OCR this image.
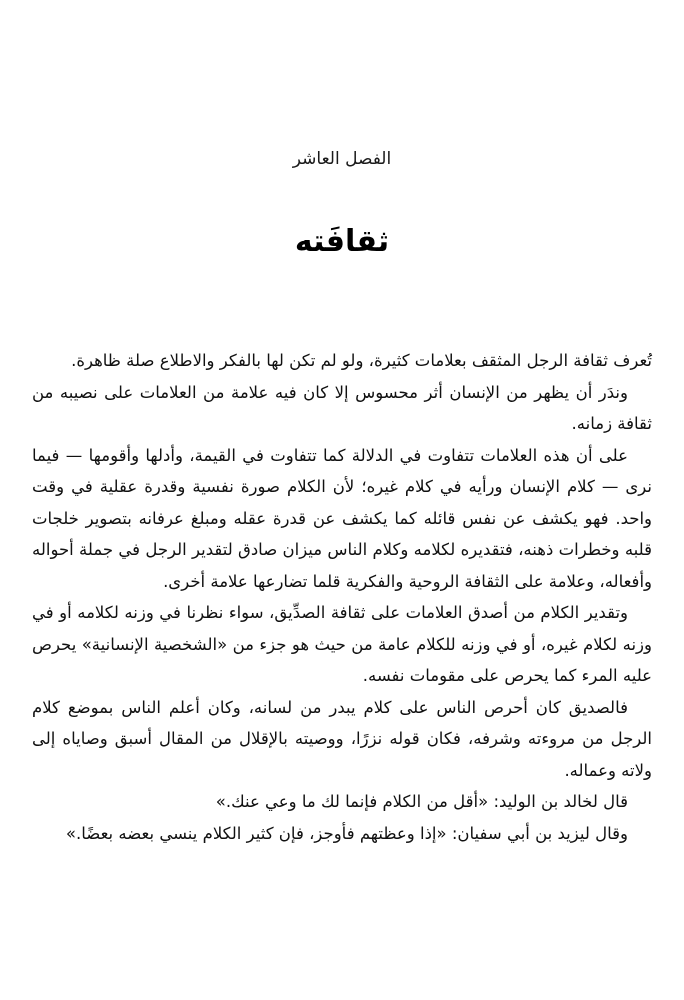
الفصل العاشر
ثقافَته

تُعرف ثقافة الرجل المثقف بعلامات كثيرة، ولو لم تكن لها بالفكر والاطلاع صلة ظاهرة.

وندَر أن يظهر من الإنسان أثر محسوس إلا كان فيه علامة من العلامات على نصيبه من ثقافة زمانه.

على أن هذه العلامات تتفاوت في الدلالة كما تتفاوت في القيمة، وأدلها وأقومها — فيما نرى — كلام الإنسان ورأيه في كلام غيره؛ لأن الكلام صورة نفسية وقدرة عقلية في وقت واحد. فهو يكشف عن نفس قائله كما يكشف عن قدرة عقله ومبلغ عرفانه بتصوير خلجات قلبه وخطرات ذهنه، فتقديره لكلامه وكلام الناس ميزان صادق لتقدير الرجل في جملة أحواله وأفعاله، وعلامة على الثقافة الروحية والفكرية قلما تضارعها علامة أخرى.

وتقدير الكلام من أصدق العلامات على ثقافة الصدِّيق، سواء نظرنا في وزنه لكلامه أو في وزنه لكلام غيره، أو في وزنه للكلام عامة من حيث هو جزء من «الشخصية الإنسانية» يحرص عليه المرء كما يحرص على مقومات نفسه.

فالصديق كان أحرص الناس على كلام يبدر من لسانه، وكان أعلم الناس بموضع كلام الرجل من مروءته وشرفه، فكان قوله نزرًا، ووصيته بالإقلال من المقال أسبق وصاياه إلى ولاته وعماله.

قال لخالد بن الوليد: «أقل من الكلام فإنما لك ما وعي عنك.»

وقال ليزيد بن أبي سفيان: «إذا وعظتهم فأوجز، فإن كثير الكلام ينسي بعضه بعضًا.»
